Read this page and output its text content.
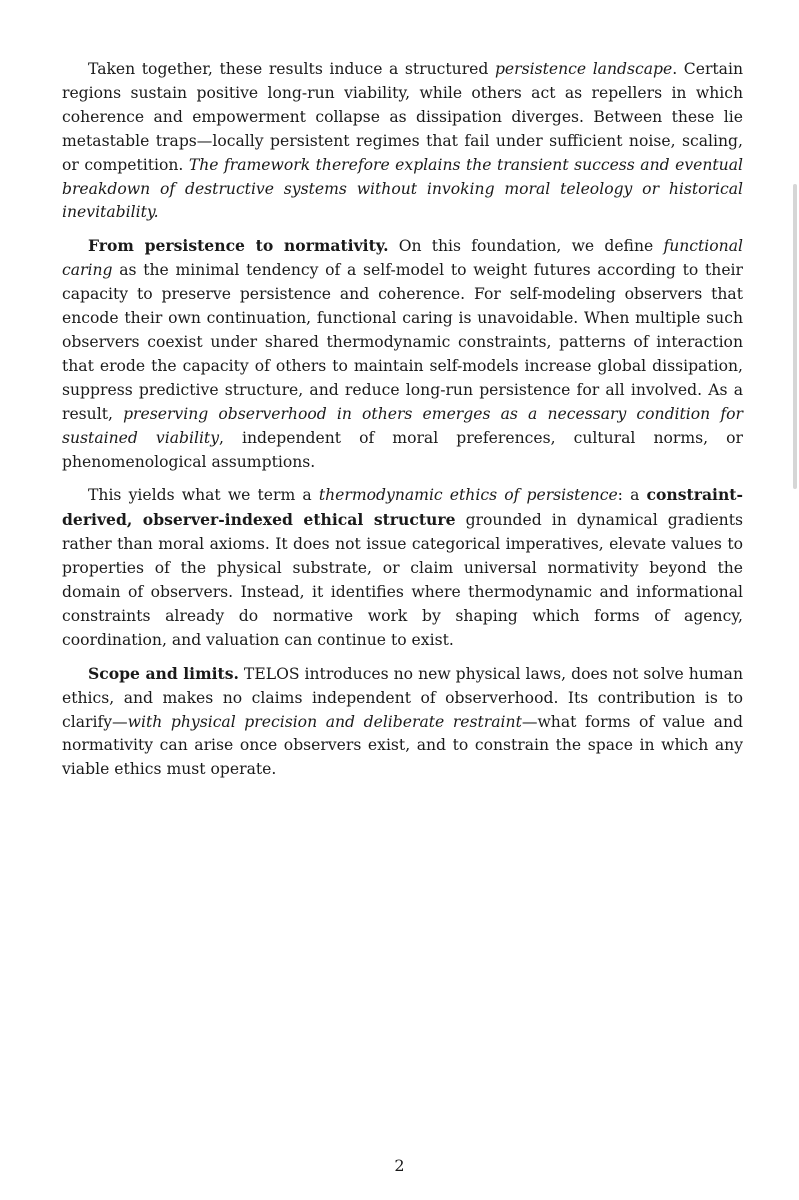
Taken together, these results induce a structured persistence landscape. Certain regions sustain positive long-run viability, while others act as repellers in which coherence and empowerment collapse as dissipation diverges. Between these lie metastable traps—locally persistent regimes that fail under sufficient noise, scaling, or competition. The framework therefore explains the transient success and eventual breakdown of destructive systems without invoking moral teleology or historical inevitability.

From persistence to normativity. On this foundation, we define functional caring as the minimal tendency of a self-model to weight futures according to their capacity to preserve persistence and coherence. For self-modeling observers that encode their own continuation, functional caring is unavoidable. When multiple such observers coexist under shared thermodynamic constraints, patterns of interaction that erode the capacity of others to maintain self-models increase global dissipation, suppress predictive structure, and reduce long-run persistence for all involved. As a result, preserving observerhood in others emerges as a necessary condition for sustained viability, independent of moral preferences, cultural norms, or phenomenological assumptions.

This yields what we term a thermodynamic ethics of persistence: a constraint-derived, observer-indexed ethical structure grounded in dynamical gradients rather than moral axioms. It does not issue categorical imperatives, elevate values to properties of the physical substrate, or claim universal normativity beyond the domain of observers. Instead, it identifies where thermodynamic and informational constraints already do normative work by shaping which forms of agency, coordination, and valuation can continue to exist.

Scope and limits. TELOS introduces no new physical laws, does not solve human ethics, and makes no claims independent of observerhood. Its contribution is to clarify—with physical precision and deliberate restraint—what forms of value and normativity can arise once observers exist, and to constrain the space in which any viable ethics must operate.

2
